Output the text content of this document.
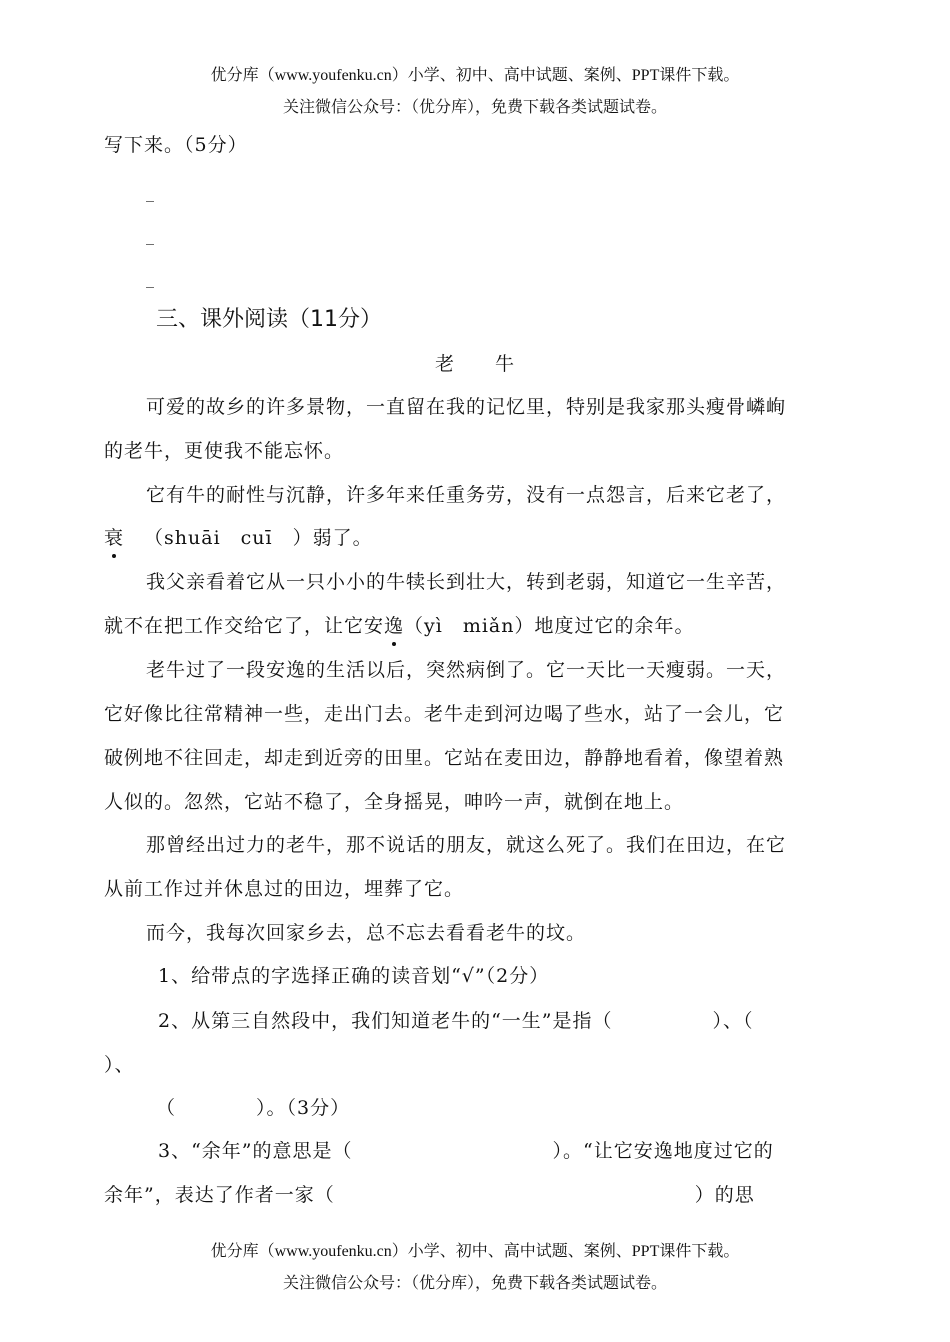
优分库（www.youfenku.cn）小学、初中、高中试题、案例、PPT课件下载。
关注微信公众号：（优分库），免费下载各类试题试卷。
写下来。（5分）
_
_
_
三、课外阅读（11分）
老　　牛
可爱的故乡的许多景物，一直留在我的记忆里，特别是我家那头瘦骨嶙峋
的老牛，更使我不能忘怀。
它有牛的耐性与沉静，许多年来任重务劳，没有一点怨言，后来它老了，
衰 （shuāi　cuī　）弱了。
我父亲看着它从一只小小的牛犊长到壮大，转到老弱，知道它一生辛苦，
就不在把工作交给它了，让它安逸（yì　miǎn）地度过它的余年。
老牛过了一段安逸的生活以后，突然病倒了。它一天比一天瘦弱。一天，
它好像比往常精神一些，走出门去。老牛走到河边喝了些水，站了一会儿，它
破例地不往回走，却走到近旁的田里。它站在麦田边，静静地看着，像望着熟
人似的。忽然，它站不稳了，全身摇晃，呻吟一声，就倒在地上。
那曾经出过力的老牛，那不说话的朋友，就这么死了。我们在田边，在它
从前工作过并休息过的田边，埋葬了它。
而今，我每次回家乡去，总不忘去看看老牛的坟。
1、给带点的字选择正确的读音划“√”（2分）
2、从第三自然段中，我们知道老牛的“一生”是指（　　　　　）、（
）、
（　　　　）。（3分）
3、“余年”的意思是（　　　　　　　　　　）。“让它安逸地度过它的
余年”，表达了作者一家（　　　　　　　　　　　　　　　　　　）的思
优分库（www.youfenku.cn）小学、初中、高中试题、案例、PPT课件下载。
关注微信公众号：（优分库），免费下载各类试题试卷。
